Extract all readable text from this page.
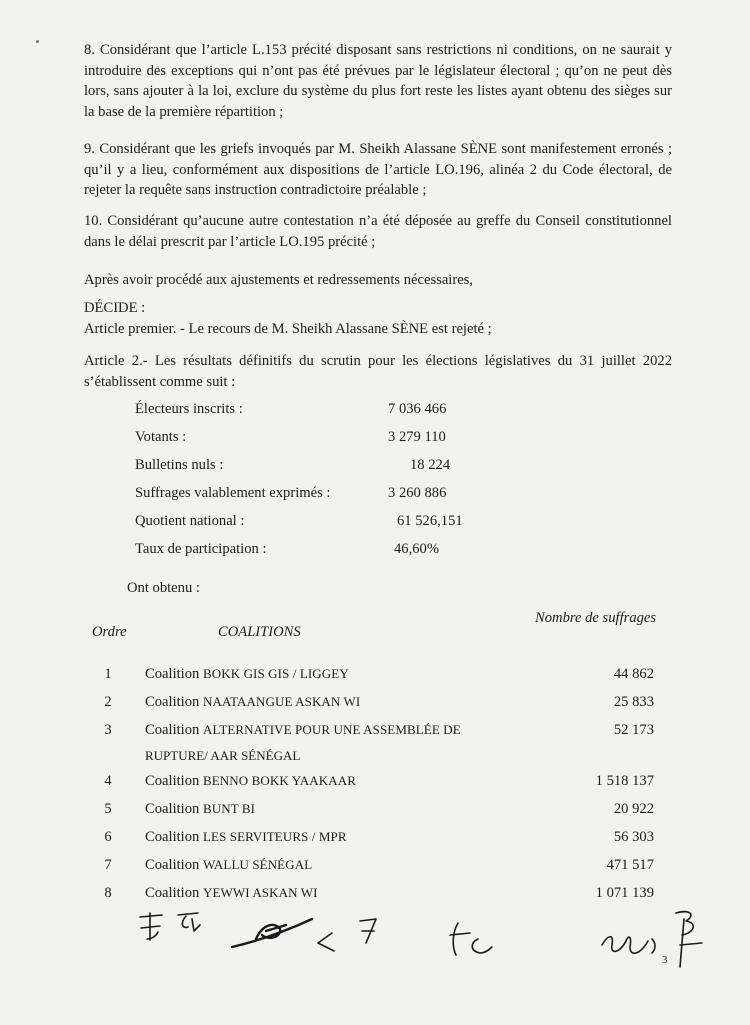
8. Considérant que l’article L.153 précité disposant sans restrictions ni conditions, on ne saurait y introduire des exceptions qui n’ont pas été prévues par le législateur électoral ; qu’on ne peut dès lors, sans ajouter à la loi, exclure du système du plus fort reste les listes ayant obtenu des sièges sur la base de la première répartition ;

9. Considérant que les griefs invoqués par M. Sheikh Alassane SÈNE sont manifestement erronés ; qu’il y a lieu, conformément aux dispositions de l’article LO.196, alinéa 2 du Code électoral, de rejeter la requête sans instruction contradictoire préalable ;

10. Considérant qu’aucune autre contestation n’a été déposée au greffe du Conseil constitutionnel dans le délai prescrit par l’article LO.195 précité ;

Après avoir procédé aux ajustements et redressements nécessaires,

DÉCIDE :

Article premier. - Le recours de M. Sheikh Alassane SÈNE est rejeté ;

Article 2.- Les résultats définitifs du scrutin pour les élections législatives du 31 juillet 2022 s’établissent comme suit :

Électeurs inscrits :	7 036 466
Votants :	3 279 110
Bulletins nuls :	18 224
Suffrages valablement exprimés :	3 260 886
Quotient national :	61 526,151
Taux de participation :	46,60%

Ont obtenu :

Ordre	COALITIONS
Nombre de suffrages
1	Coalition BOKK GIS GIS / LIGGEY	44 862
2	Coalition NAATAANGUE ASKAN WI	25 833
3	Coalition ALTERNATIVE POUR UNE ASSEMBLÉE DE
RUPTURE/ AAR SÉNÉGAL
52 173
4	Coalition BENNO BOKK YAAKAAR	1 518 137
5	Coalition BUNT BI	20 922
6	Coalition LES SERVITEURS / MPR	56 303
7	Coalition WALLU SÉNÉGAL	471 517
8	Coalition YEWWI ASKAN WI	1 071 139
3
